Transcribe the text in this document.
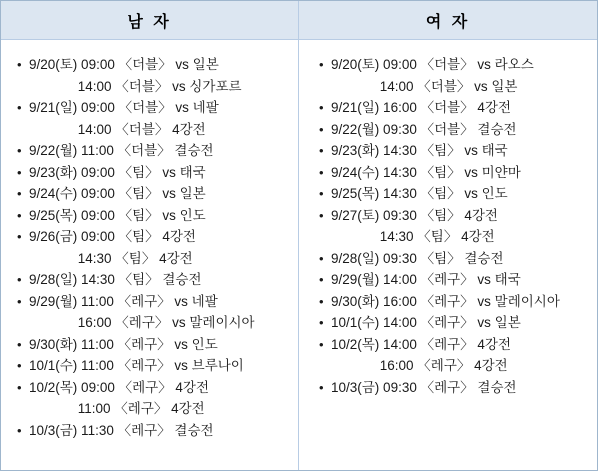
남 자	여 자
• 9/20(토) 09:00 〈더블〉 vs 일본
14:00 〈더블〉 vs 싱가포르
• 9/21(일) 09:00 〈더블〉 vs 네팔
14:00 〈더블〉 4강전
• 9/22(월) 11:00 〈더블〉 결승전
• 9/23(화) 09:00 〈팀〉 vs 태국
• 9/24(수) 09:00 〈팀〉 vs 일본
• 9/25(목) 09:00 〈팀〉 vs 인도
• 9/26(금) 09:00 〈팀〉 4강전
14:30 〈팀〉 4강전
• 9/28(일) 14:30 〈팀〉 결승전
• 9/29(월) 11:00 〈레구〉 vs 네팔
16:00 〈레구〉 vs 말레이시아
• 9/30(화) 11:00 〈레구〉 vs 인도
• 10/1(수) 11:00 〈레구〉 vs 브루나이
• 10/2(목) 09:00 〈레구〉 4강전
11:00 〈레구〉 4강전
• 10/3(금) 11:30 〈레구〉 결승전
• 9/20(토) 09:00 〈더블〉 vs 라오스
14:00 〈더블〉 vs 일본
• 9/21(일) 16:00 〈더블〉 4강전
• 9/22(월) 09:30 〈더블〉 결승전
• 9/23(화) 14:30 〈팀〉 vs 태국
• 9/24(수) 14:30 〈팀〉 vs 미얀마
• 9/25(목) 14:30 〈팀〉 vs 인도
• 9/27(토) 09:30 〈팀〉 4강전
14:30 〈팀〉 4강전
• 9/28(일) 09:30 〈팀〉 결승전
• 9/29(월) 14:00 〈레구〉 vs 태국
• 9/30(화) 16:00 〈레구〉 vs 말레이시아
• 10/1(수) 14:00 〈레구〉 vs 일본
• 10/2(목) 14:00 〈레구〉 4강전
16:00 〈레구〉 4강전
• 10/3(금) 09:30 〈레구〉 결승전
